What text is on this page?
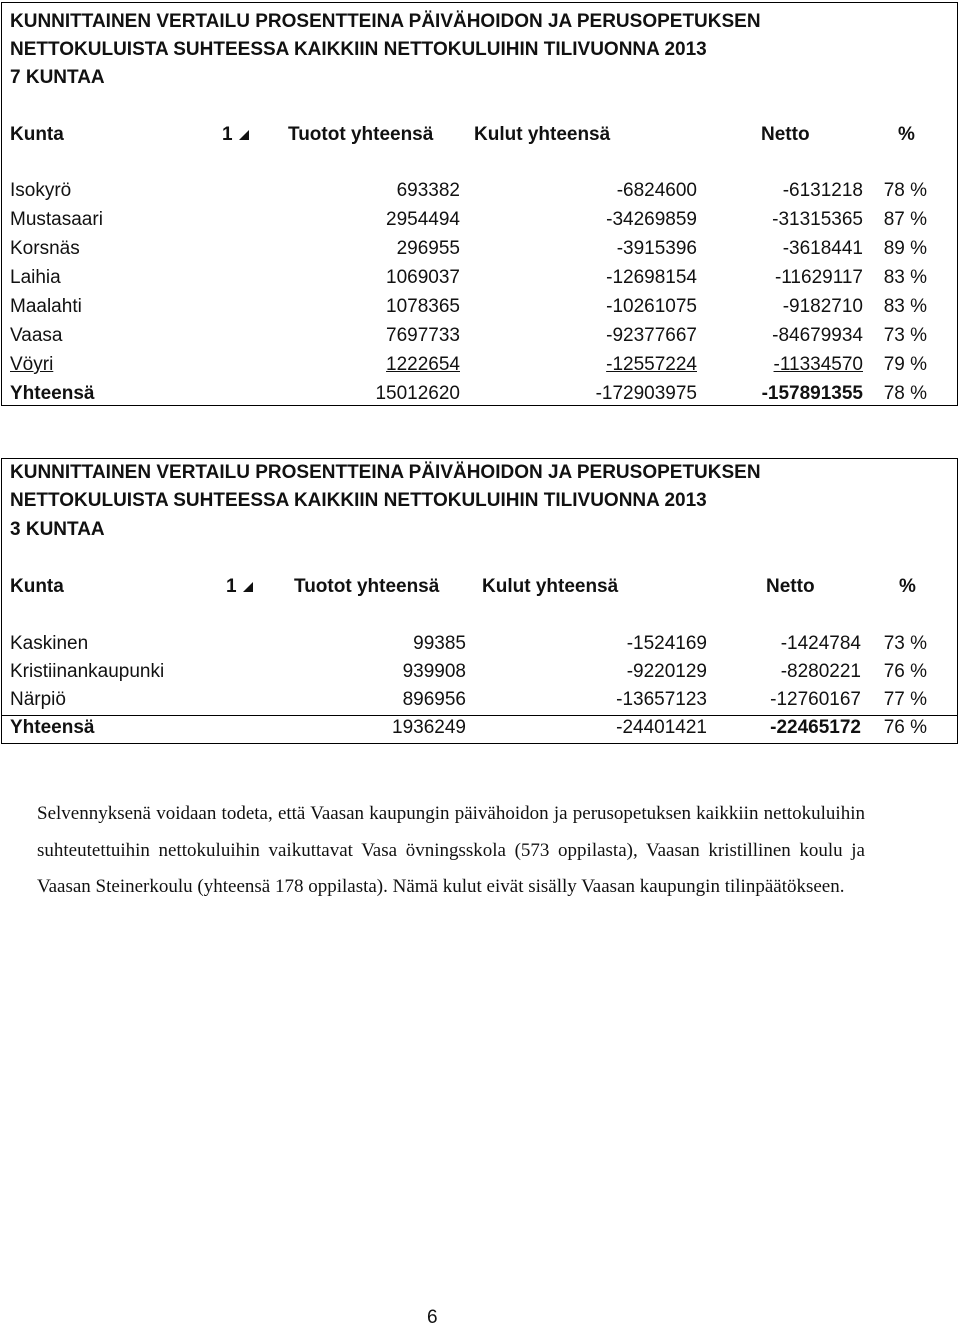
KUNNITTAINEN VERTAILU PROSENTTEINA PÄIVÄHOIDON JA PERUSOPETUKSEN
NETTOKULUISTA SUHTEESSA KAIKKIIN NETTOKULUIHIN TILIVUONNA 2013
7 KUNTAA
Kunta	1	Tuotot yhteensä Kulut yhteensä	Netto	%
Isokyrö	693382	-6824600	-6131218 78 %
Mustasaari	2954494	-34269859	-31315365 87 %
Korsnäs	296955	-3915396	-3618441 89 %
Laihia	1069037	-12698154	-11629117 83 %
Maalahti	1078365	-10261075	-9182710 83 %
Vaasa	7697733	-92377667	-84679934 73 %
Vöyri	1222654	-12557224	-11334570 79 %
Yhteensä	15012620	-172903975	-157891355 78 %
KUNNITTAINEN VERTAILU PROSENTTEINA PÄIVÄHOIDON JA PERUSOPETUKSEN
NETTOKULUISTA SUHTEESSA KAIKKIIN NETTOKULUIHIN TILIVUONNA 2013
3 KUNTAA
Kunta	1	Tuotot yhteensä Kulut yhteensä	Netto	%
Kaskinen	99385	-1524169	-1424784 73 %
Kristiinankaupunki	939908	-9220129	-8280221 76 %
Närpiö	896956	-13657123	-12760167 77 %
Yhteensä	1936249	-24401421	-22465172 76 %
Selvennyksenä voidaan todeta, että Vaasan kaupungin päivähoidon ja perusopetuksen kaikkiin nettokuluihin suhteutettuihin nettokuluihin vaikuttavat Vasa övningsskola (573 oppilasta), Vaasan kristillinen koulu ja Vaasan Steinerkoulu (yhteensä 178 oppilasta). Nämä kulut eivät sisälly Vaasan kaupungin tilinpäätökseen.
6
